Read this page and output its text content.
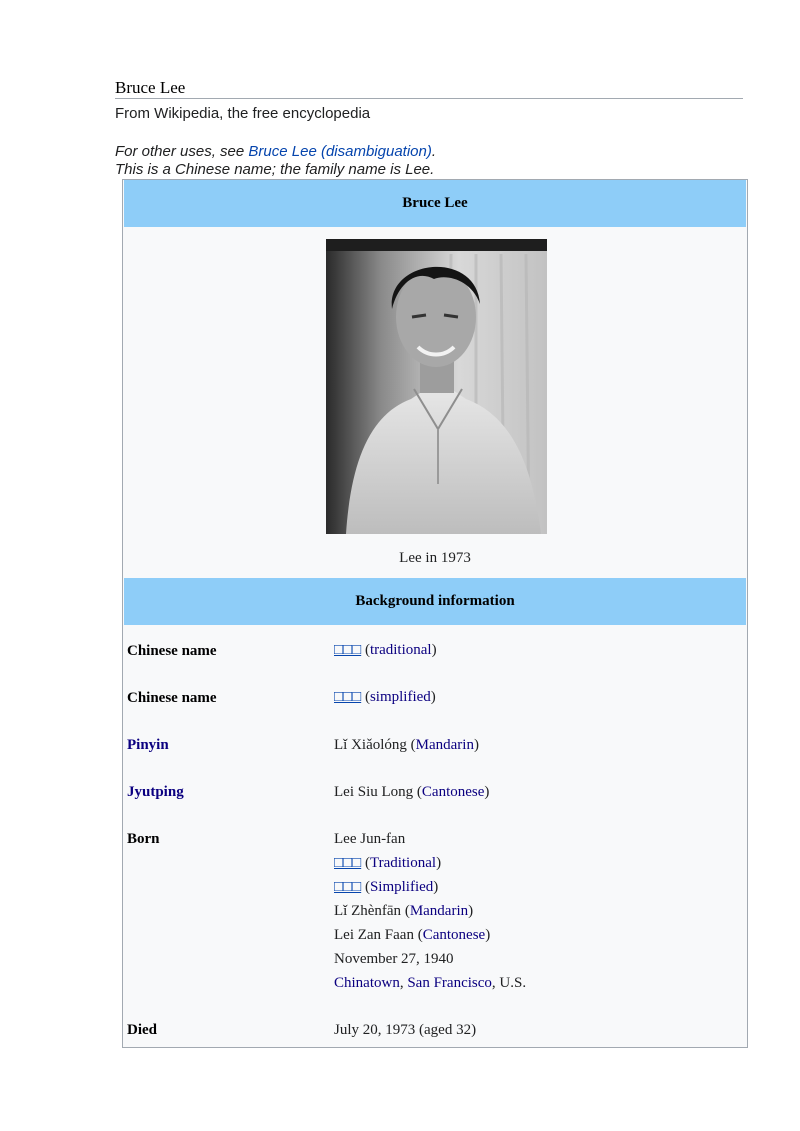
Bruce Lee
From Wikipedia, the free encyclopedia
For other uses, see Bruce Lee (disambiguation).
This is a Chinese name; the family name is Lee.
Bruce Lee
Lee in 1973
Background information
Chinese name	□□□ (traditional)
Chinese name	□□□ (simplified)
Pinyin	Lǐ Xiǎolóng (Mandarin)
Jyutping	Lei Siu Long (Cantonese)
Born	Lee Jun-fan
□□□ (Traditional)
□□□ (Simplified)
Lǐ Zhènfān (Mandarin)
Lei Zan Faan (Cantonese)
November 27, 1940
Chinatown, San Francisco, U.S.
Died	July 20, 1973 (aged 32)
